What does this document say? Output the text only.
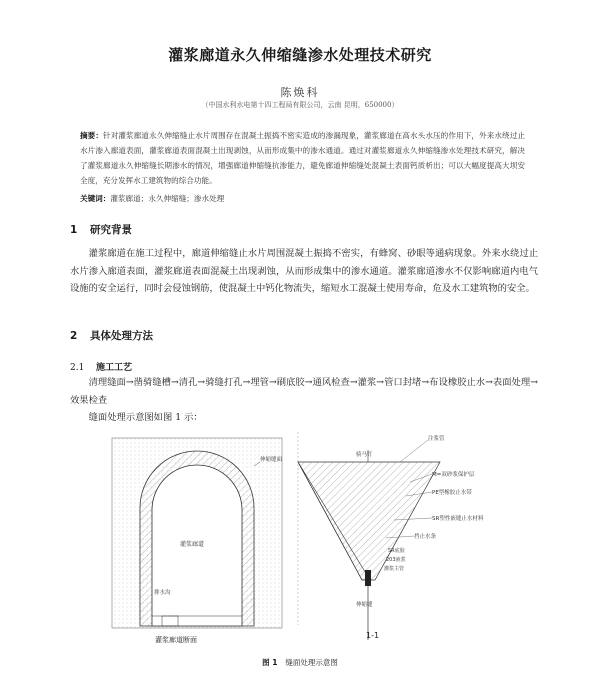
灌浆廊道永久伸缩缝渗水处理技术研究
陈焕科
（中国水利水电第十四工程局有限公司，云南 昆明，650000）
摘要：针对灌浆廊道永久伸缩缝止水片周围存在混凝土振捣不密实造成的渗漏现象，灌浆廊道在高水头水压的作用下，外来水绕过止水片渗入廊道表面，灌浆廊道表面混凝土出现剥蚀，从而形成集中的渗水通道。通过对灌浆廊道永久伸缩缝渗水处理技术研究，解决了灌浆廊道永久伸缩缝长期渗水的情况，增强廊道伸缩缝抗渗能力，避免廊道伸缩缝处混凝土表面钙质析出；可以大幅度提高大坝安全度，充分发挥水工建筑物的综合功能。
关键词：灌浆廊道；永久伸缩缝；渗水处理
1 研究背景
灌浆廊道在施工过程中，廊道伸缩缝止水片周围混凝土振捣不密实，有蜂窝、砂眼等通病现象。外来水绕过止水片渗入廊道表面，灌浆廊道表面混凝土出现剥蚀，从而形成集中的渗水通道。灌浆廊道渗水不仅影响廊道内电气设施的安全运行，同时会侵蚀钢筋，使混凝土中钙化物流失，缩短水工混凝土使用寿命，危及水工建筑物的安全。
2 具体处理方法
2.1 施工工艺
清理缝面→凿骑缝槽→清孔→骑缝打孔→埋管→刷底胶→通风检查→灌浆→管口封堵→布设橡胶止水→表面处理→效果检查
缝面处理示意图如图 1 示：
伸缩缝面
灌浆廊道
排水沟
灌浆廊道断面
注浆管
骑马钉
M=双砂浆保护层
PE型橡胶止水带
SR塑性嵌缝止水材料
挡止水条
SR底胶
203液浆
灌浆主管
伸缩缝
1-1
图 1 缝面处理示意图
